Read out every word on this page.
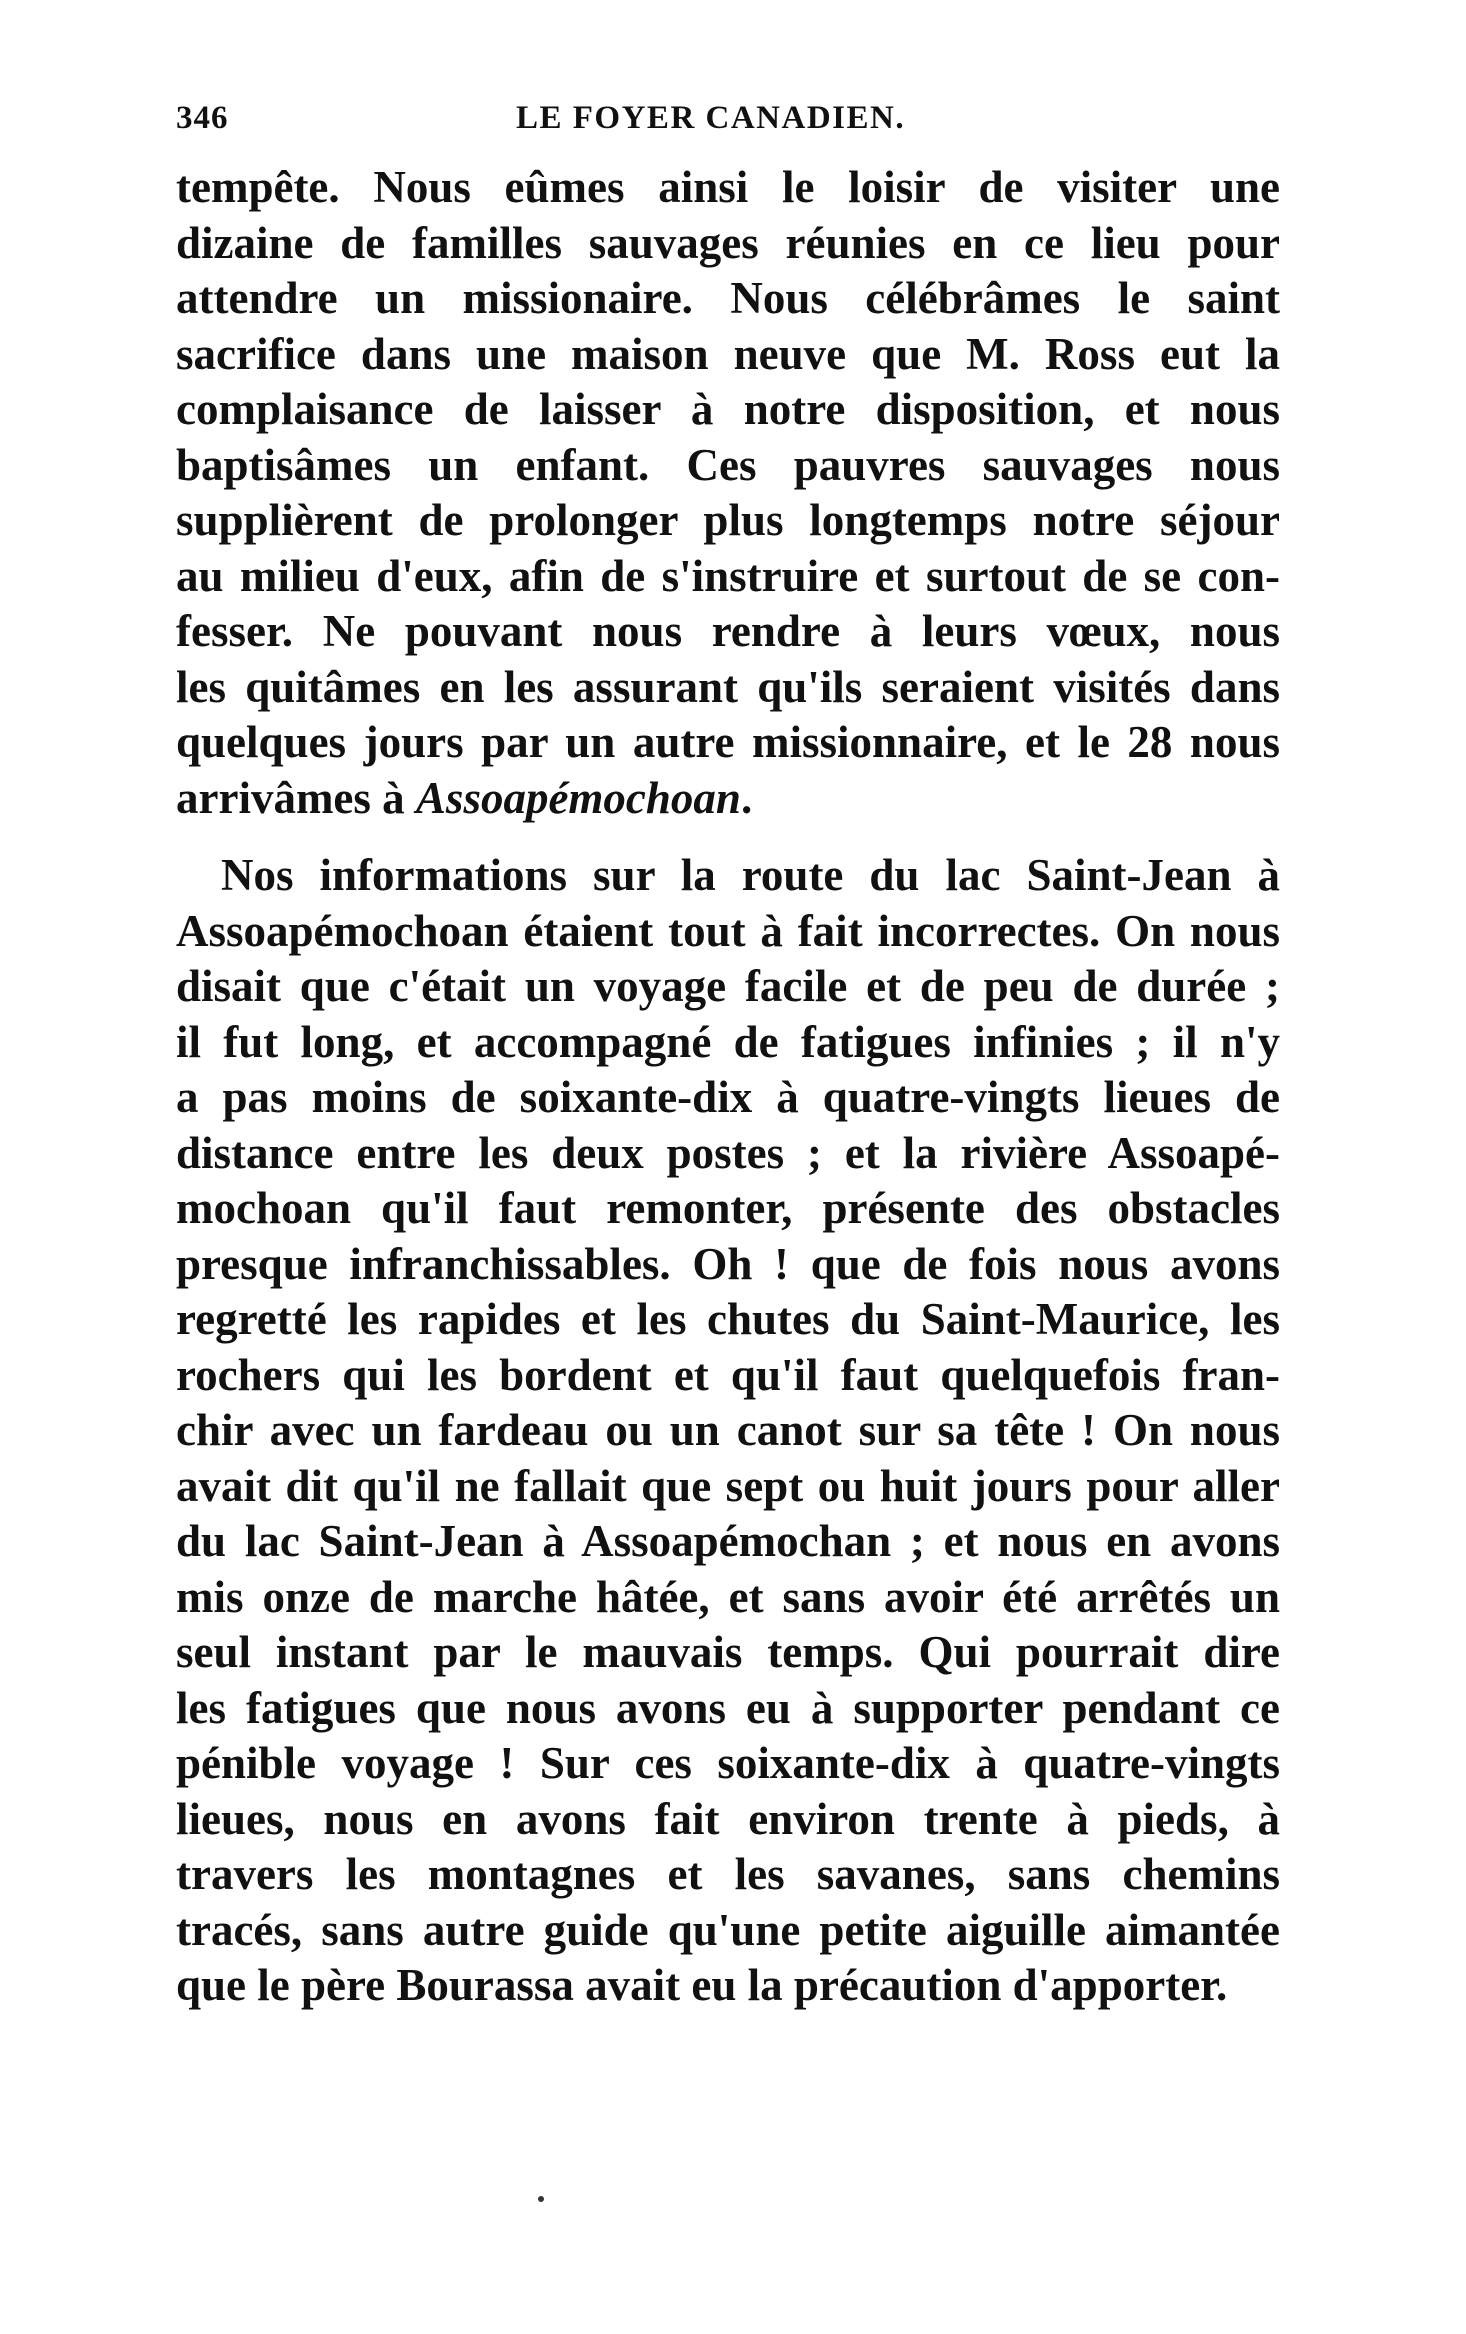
346	LE FOYER CANADIEN.
tempête. Nous eûmes ainsi le loisir de visiter une
dizaine de familles sauvages réunies en ce lieu pour
attendre un missionaire. Nous célébrâmes le saint
sacrifice dans une maison neuve que M. Ross eut la
complaisance de laisser à notre disposition, et nous
baptisâmes un enfant. Ces pauvres sauvages nous
supplièrent de prolonger plus longtemps notre séjour
au milieu d'eux, afin de s'instruire et surtout de se con-
fesser. Ne pouvant nous rendre à leurs vœux, nous
les quitâmes en les assurant qu'ils seraient visités dans
quelques jours par un autre missionnaire, et le 28 nous
arrivâmes à Assoapémochoan.
Nos informations sur la route du lac Saint-Jean à
Assoapémochoan étaient tout à fait incorrectes. On nous
disait que c'était un voyage facile et de peu de durée ;
il fut long, et accompagné de fatigues infinies ; il n'y
a pas moins de soixante-dix à quatre-vingts lieues de
distance entre les deux postes ; et la rivière Assoapé-
mochoan qu'il faut remonter, présente des obstacles
presque infranchissables. Oh ! que de fois nous avons
regretté les rapides et les chutes du Saint-Maurice, les
rochers qui les bordent et qu'il faut quelquefois fran-
chir avec un fardeau ou un canot sur sa tête ! On nous
avait dit qu'il ne fallait que sept ou huit jours pour aller
du lac Saint-Jean à Assoapémochan ; et nous en avons
mis onze de marche hâtée, et sans avoir été arrêtés un
seul instant par le mauvais temps. Qui pourrait dire
les fatigues que nous avons eu à supporter pendant ce
pénible voyage ! Sur ces soixante-dix à quatre-vingts
lieues, nous en avons fait environ trente à pieds, à
travers les montagnes et les savanes, sans chemins
tracés, sans autre guide qu'une petite aiguille aimantée
que le père Bourassa avait eu la précaution d'apporter.
